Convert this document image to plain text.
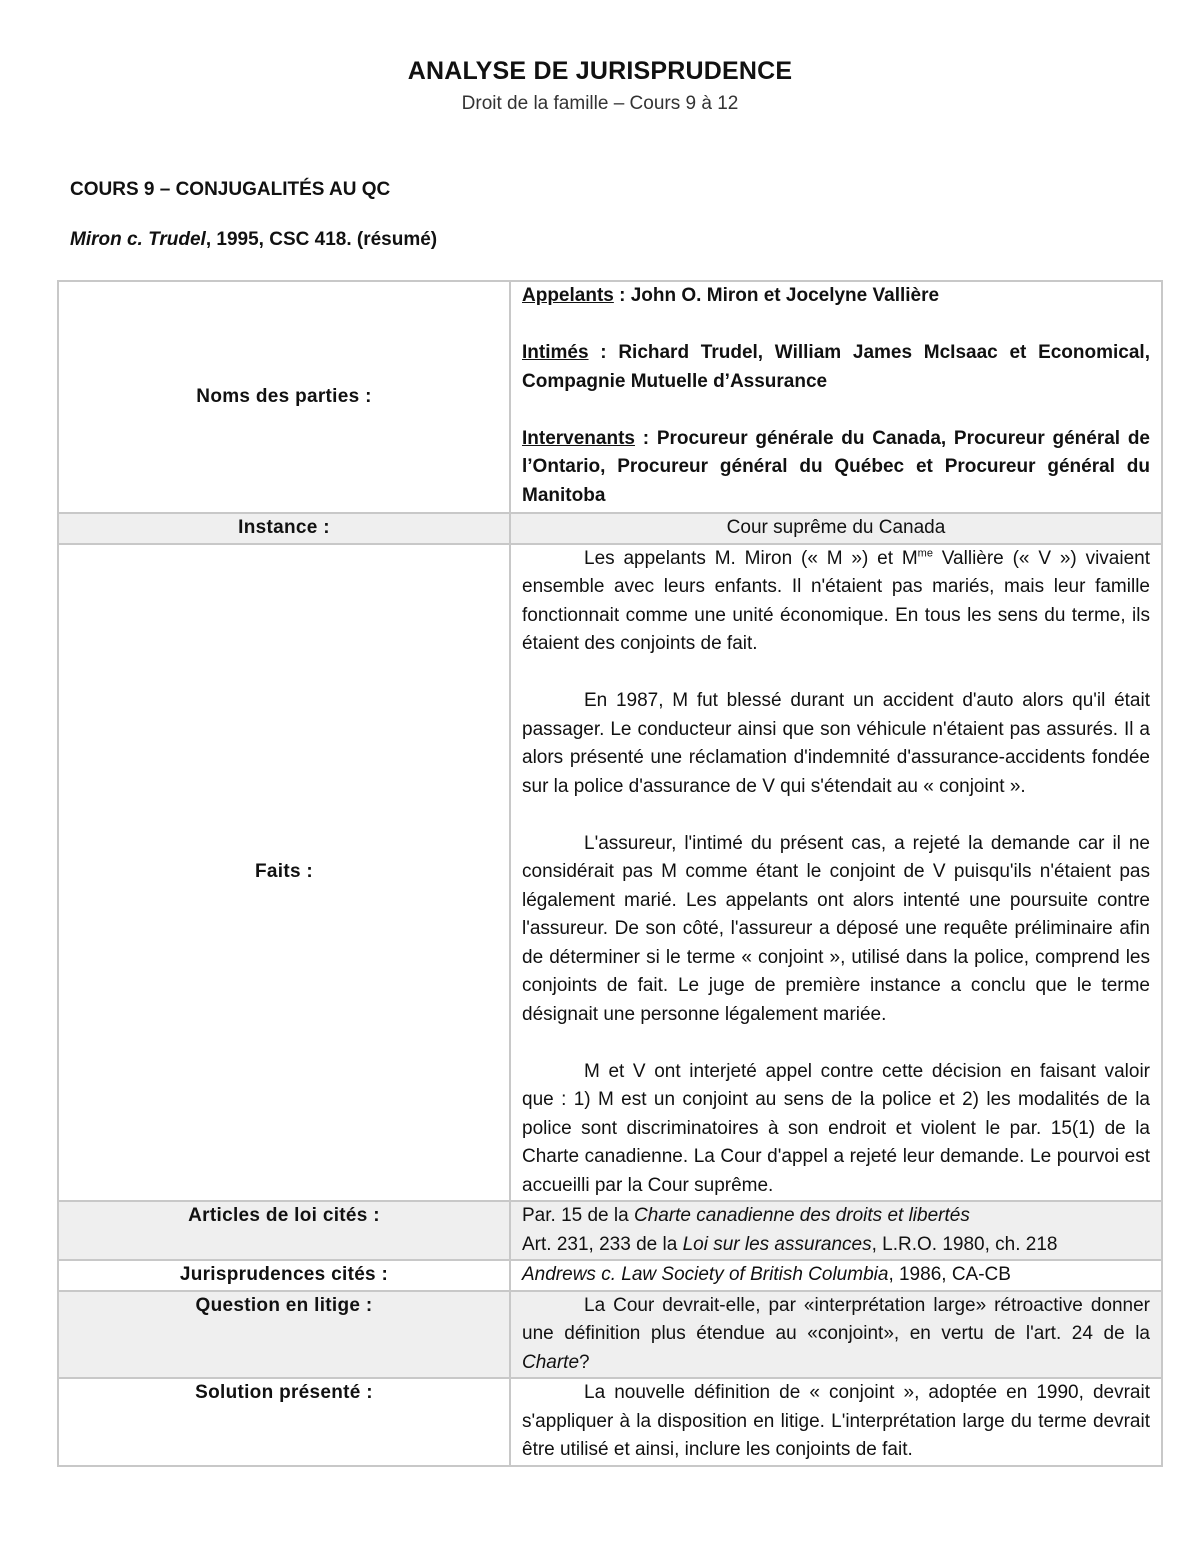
ANALYSE DE JURISPRUDENCE
Droit de la famille – Cours 9 à 12
COURS 9 – CONJUGALITÉS AU QC
Miron c. Trudel, 1995, CSC 418. (résumé)
Noms des parties :	Appelants : John O. Miron et Jocelyne Vallière

Intimés : Richard Trudel, William James McIsaac et Economical, Compagnie Mutuelle d’Assurance

Intervenants : Procureur générale du Canada, Procureur général de l’Ontario, Procureur général du Québec et Procureur général du Manitoba

Instance :	Cour suprême du Canada
Faits :	Les appelants M. Miron (« M ») et $M^{me}$ Vallière (« V ») vivaient ensemble avec leurs enfants. Il n'étaient pas mariés, mais leur famille fonctionnait comme une unité économique. En tous les sens du terme, ils étaient des conjoints de fait.

En 1987, M fut blessé durant un accident d'auto alors qu'il était passager. Le conducteur ainsi que son véhicule n'étaient pas assurés. Il a alors présenté une réclamation d'indemnité d'assurance-accidents fondée sur la police d'assurance de V qui s'étendait au « conjoint ».

L'assureur, l'intimé du présent cas, a rejeté la demande car il ne considérait pas M comme étant le conjoint de V puisqu'ils n'étaient pas légalement marié. Les appelants ont alors intenté une poursuite contre l'assureur. De son côté, l'assureur a déposé une requête préliminaire afin de déterminer si le terme « conjoint », utilisé dans la police, comprend les conjoints de fait. Le juge de première instance a conclu que le terme désignait une personne légalement mariée.

M et V ont interjeté appel contre cette décision en faisant valoir que : 1) M est un conjoint au sens de la police et 2) les modalités de la police sont discriminatoires à son endroit et violent le par. 15(1) de la Charte canadienne. La Cour d'appel a rejeté leur demande. Le pourvoi est accueilli par la Cour suprême.

Articles de loi cités :	Par. 15 de la Charte canadienne des droits et libertés

Art. 231, 233 de la Loi sur les assurances, L.R.O. 1980, ch. 218

Jurisprudences cités :	Andrews c. Law Society of British Columbia, 1986, CA-CB
Question en litige :	La Cour devrait-elle, par «interprétation large» rétroactive donner une définition plus étendue au «conjoint», en vertu de l'art. 24 de la Charte?

Solution présenté :	La nouvelle définition de « conjoint », adoptée en 1990, devrait s'appliquer à la disposition en litige. L'interprétation large du terme devrait être utilisé et ainsi, inclure les conjoints de fait.
